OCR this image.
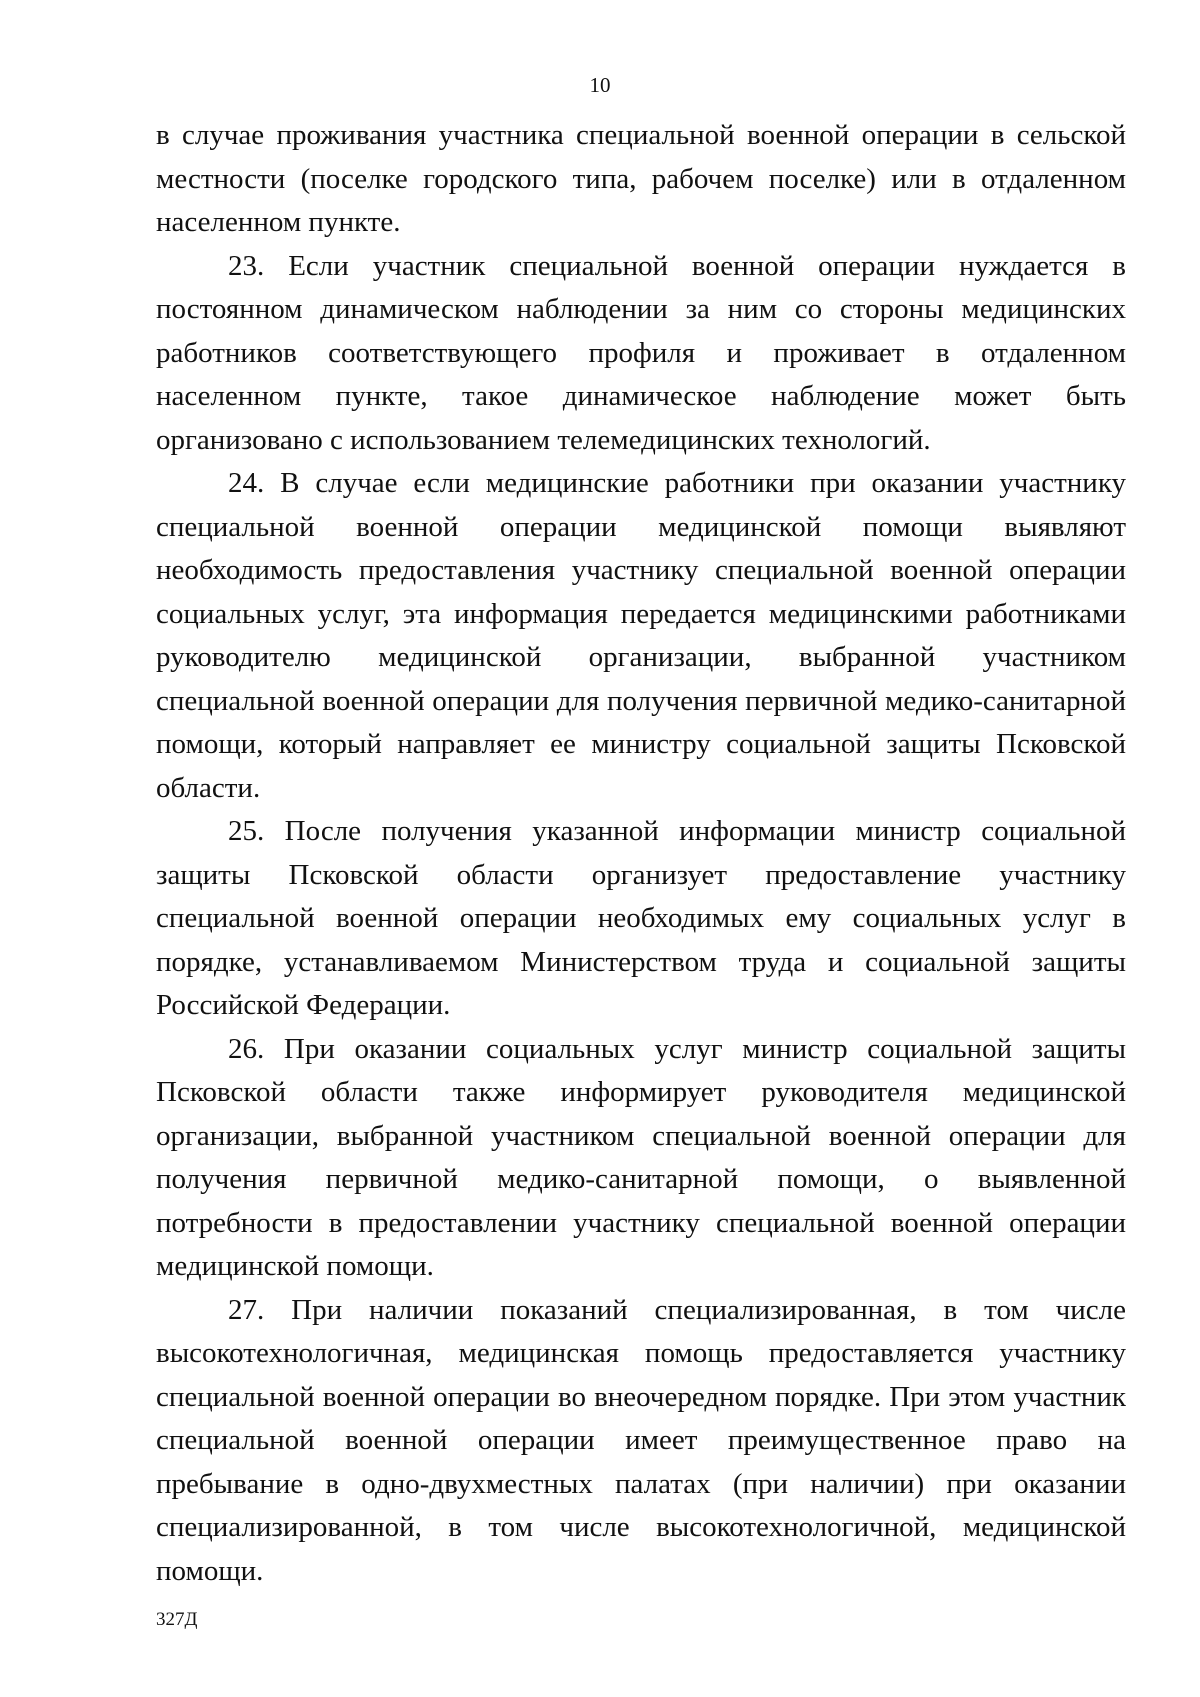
10

в случае проживания участника специальной военной операции в сельской местности (поселке городского типа, рабочем поселке) или в отдаленном населенном пункте.

23. Если участник специальной военной операции нуждается в постоянном динамическом наблюдении за ним со стороны медицинских работников соответствующего профиля и проживает в отдаленном населенном пункте, такое динамическое наблюдение может быть организовано с использованием телемедицинских технологий.

24. В случае если медицинские работники при оказании участнику специальной военной операции медицинской помощи выявляют необходимость предоставления участнику специальной военной операции социальных услуг, эта информация передается медицинскими работниками руководителю медицинской организации, выбранной участником специальной военной операции для получения первичной медико-санитарной помощи, который направляет ее министру социальной защиты Псковской области.

25. После получения указанной информации министр социальной защиты Псковской области организует предоставление участнику специальной военной операции необходимых ему социальных услуг в порядке, устанавливаемом Министерством труда и социальной защиты Российской Федерации.

26. При оказании социальных услуг министр социальной защиты Псковской области также информирует руководителя медицинской организации, выбранной участником специальной военной операции для получения первичной медико-санитарной помощи, о выявленной потребности в предоставлении участнику специальной военной операции медицинской помощи.

27. При наличии показаний специализированная, в том числе высокотехнологичная, медицинская помощь предоставляется участнику специальной военной операции во внеочередном порядке. При этом участник специальной военной операции имеет преимущественное право на пребывание в одно-двухместных палатах (при наличии) при оказании специализированной, в том числе высокотехнологичной, медицинской помощи.

327Д
